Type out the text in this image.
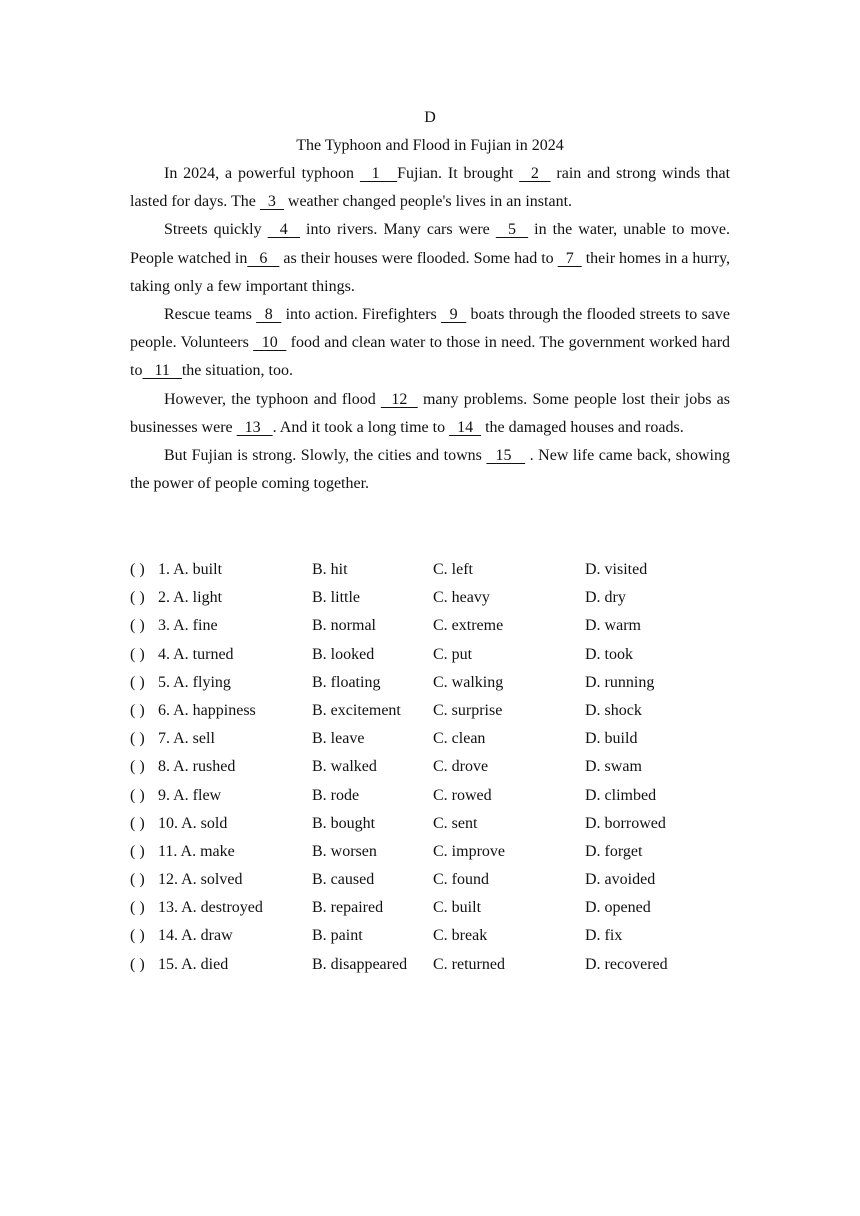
D
The Typhoon and Flood in Fujian in 2024

In 2024, a powerful typhoon   1   Fujian. It brought   2   rain and strong winds that lasted for days. The   3   weather changed people's lives in an instant.

Streets quickly   4   into rivers. Many cars were   5   in the water, unable to move. People watched in   6    as their houses were flooded. Some had to   7   their homes in a hurry, taking only a few important things.

Rescue teams   8   into action. Firefighters   9   boats through the flooded streets to save people. Volunteers   10   food and clean water to those in need. The government worked hard to   11   the situation, too.

However, the typhoon and flood   12   many problems. Some people lost their jobs as businesses were   13   . And it took a long time to   14   the damaged houses and roads.

But Fujian is strong. Slowly, the cities and towns   15    . New life came back, showing the power of people coming together.

( ) 1. A. built	B. hit	C. left	D. visited
( ) 2. A. light	B. little	C. heavy	D. dry
( ) 3. A. fine	B. normal	C. extreme	D. warm
( ) 4. A. turned	B. looked	C. put	D. took
( ) 5. A. flying	B. floating	C. walking	D. running
( ) 6. A. happiness	B. excitement C. surprise	D. shock
( ) 7. A. sell	B. leave	C. clean	D. build
( ) 8. A. rushed	B. walked	C. drove	D. swam
( ) 9. A. flew	B. rode	C. rowed	D. climbed
( ) 10. A. sold	B. bought	C. sent	D. borrowed
( ) 11. A. make	B. worsen	C. improve	D. forget
( ) 12. A. solved	B. caused	C. found	D. avoided
( ) 13. A. destroyed	B. repaired	C. built	D. opened
( ) 14. A. draw	B. paint	C. break	D. fix
( ) 15. A. died	B. disappeared C. returned	D. recovered
